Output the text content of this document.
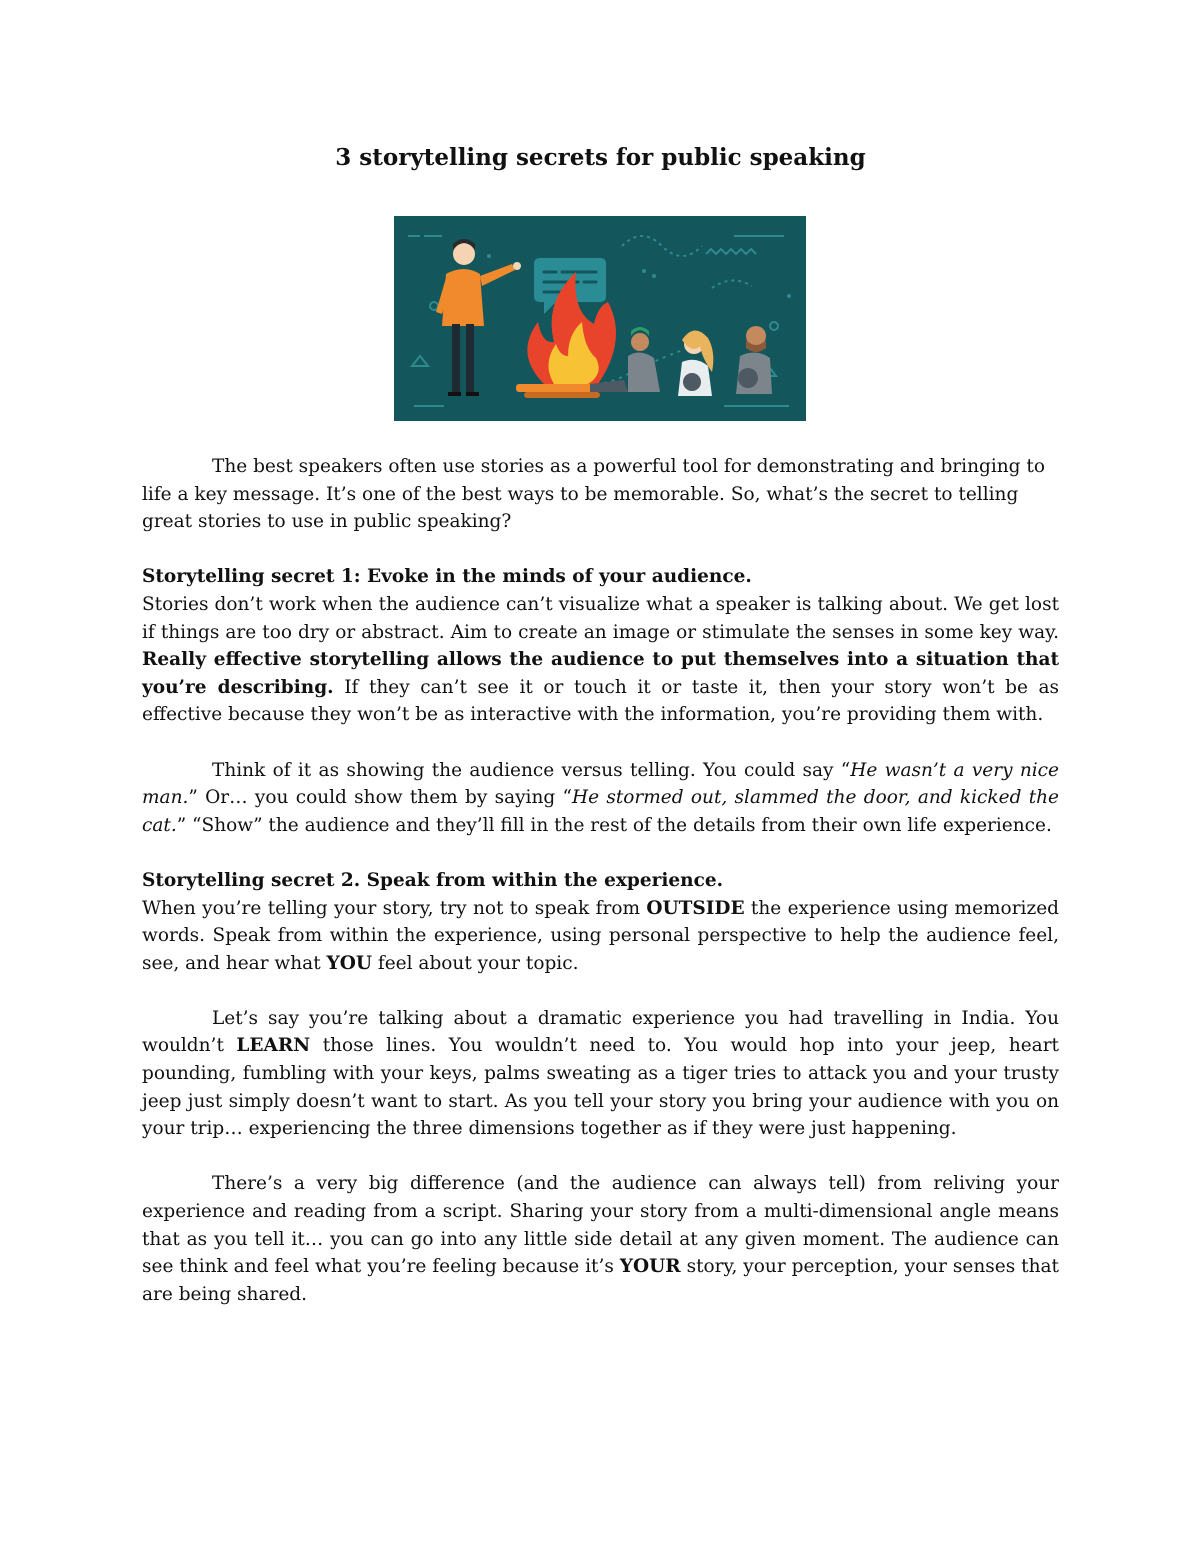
3 storytelling secrets for public speaking

The best speakers often use stories as a powerful tool for demonstrating and bringing to life a key message. It’s one of the best ways to be memorable. So, what’s the secret to telling great stories to use in public speaking?

Storytelling secret 1: Evoke in the minds of your audience.
Stories don’t work when the audience can’t visualize what a speaker is talking about. We get lost if things are too dry or abstract. Aim to create an image or stimulate the senses in some key way. Really effective storytelling allows the audience to put themselves into a situation that you’re describing. If they can’t see it or touch it or taste it, then your story won’t be as effective because they won’t be as interactive with the information, you’re providing them with.

Think of it as showing the audience versus telling. You could say “He wasn’t a very nice man.” Or… you could show them by saying “He stormed out, slammed the door, and kicked the cat.” “Show” the audience and they’ll fill in the rest of the details from their own life experience.

Storytelling secret 2. Speak from within the experience.
When you’re telling your story, try not to speak from OUTSIDE the experience using memorized words. Speak from within the experience, using personal perspective to help the audience feel, see, and hear what YOU feel about your topic.

Let’s say you’re talking about a dramatic experience you had travelling in India. You wouldn’t LEARN those lines. You wouldn’t need to. You would hop into your jeep, heart pounding, fumbling with your keys, palms sweating as a tiger tries to attack you and your trusty jeep just simply doesn’t want to start. As you tell your story you bring your audience with you on your trip… experiencing the three dimensions together as if they were just happening.

There’s a very big difference (and the audience can always tell) from reliving your experience and reading from a script. Sharing your story from a multi-dimensional angle means that as you tell it… you can go into any little side detail at any given moment. The audience can see think and feel what you’re feeling because it’s YOUR story, your perception, your senses that are being shared.
